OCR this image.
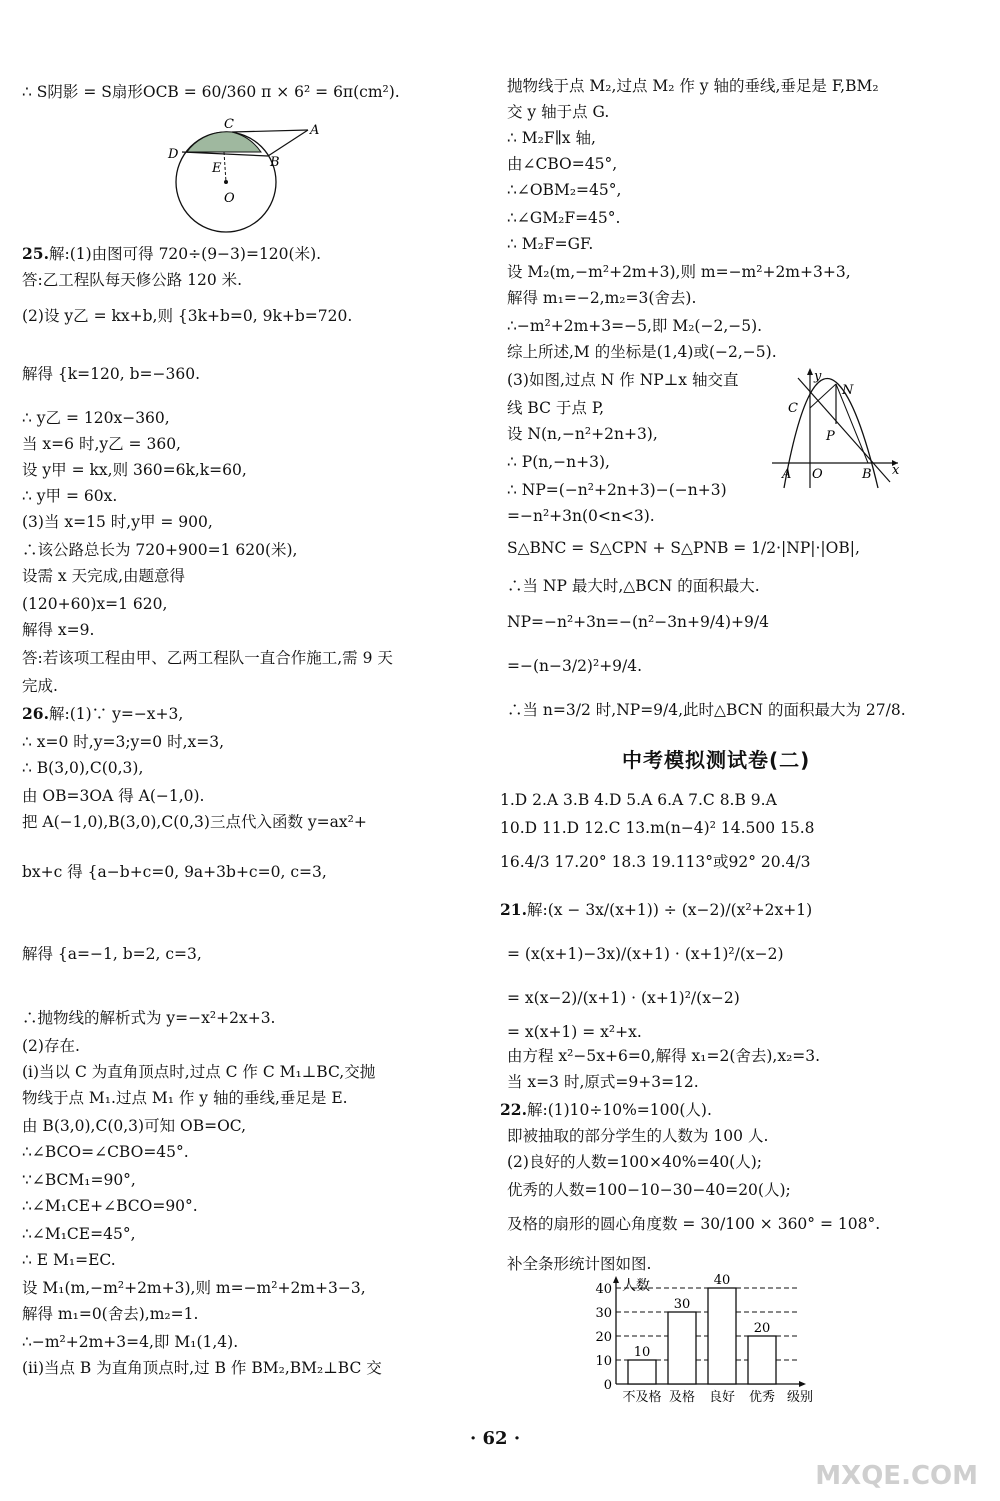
∴ S阴影 = S扇形OCB = 60/360 π × 6² = 6π(cm²).
25.解:(1)由图可得 720÷(9−3)=120(米).
答:乙工程队每天修公路 120 米.
(2)设 y乙 = kx+b,则 {3k+b=0, 9k+b=720.
解得 {k=120, b=−360.
∴ y乙 = 120x−360,
当 x=6 时,y乙 = 360,
设 y甲 = kx,则 360=6k,k=60,
∴ y甲 = 60x.
(3)当 x=15 时,y甲 = 900,
∴该公路总长为 720+900=1 620(米),
设需 x 天完成,由题意得
(120+60)x=1 620,
解得 x=9.
答:若该项工程由甲、乙两工程队一直合作施工,需 9 天
完成.
26.解:(1)∵ y=−x+3,
∴ x=0 时,y=3;y=0 时,x=3,
∴ B(3,0),C(0,3),
由 OB=3OA 得 A(−1,0).
把 A(−1,0),B(3,0),C(0,3)三点代入函数 y=ax²+
bx+c 得 {a−b+c=0, 9a+3b+c=0, c=3,
解得 {a=−1, b=2, c=3,
∴抛物线的解析式为 y=−x²+2x+3.
(2)存在.
(ⅰ)当以 C 为直角顶点时,过点 C 作 C M₁⊥BC,交抛
物线于点 M₁.过点 M₁ 作 y 轴的垂线,垂足是 E.
由 B(3,0),C(0,3)可知 OB=OC,
∴∠BCO=∠CBO=45°.
∵∠BCM₁=90°,
∴∠M₁CE+∠BCO=90°.
∴∠M₁CE=45°,
∴ E M₁=EC.
设 M₁(m,−m²+2m+3),则 m=−m²+2m+3−3,
解得 m₁=0(舍去),m₂=1.
∴−m²+2m+3=4,即 M₁(1,4).
(ⅱ)当点 B 为直角顶点时,过 B 作 BM₂,BM₂⊥BC 交
抛物线于点 M₂,过点 M₂ 作 y 轴的垂线,垂足是 F,BM₂
交 y 轴于点 G.
∴ M₂F∥x 轴,
由∠CBO=45°,
∴∠OBM₂=45°,
∴∠GM₂F=45°.
∴ M₂F=GF.
设 M₂(m,−m²+2m+3),则 m=−m²+2m+3+3,
解得 m₁=−2,m₂=3(舍去).
∴−m²+2m+3=−5,即 M₂(−2,−5).
综上所述,M 的坐标是(1,4)或(−2,−5).
(3)如图,过点 N 作 NP⊥x 轴交直
线 BC 于点 P,
设 N(n,−n²+2n+3),
∴ P(n,−n+3),
∴ NP=(−n²+2n+3)−(−n+3)
=−n²+3n(0<n<3).
S△BNC = S△CPN + S△PNB = 1/2·|NP|·|OB|,
∴当 NP 最大时,△BCN 的面积最大.
NP=−n²+3n=−(n²−3n+9/4)+9/4
=−(n−3/2)²+9/4.
∴当 n=3/2 时,NP=9/4,此时△BCN 的面积最大为 27/8.
1.D 2.A 3.B 4.D 5.A 6.A 7.C 8.B 9.A
10.D 11.D 12.C 13.m(n−4)² 14.500 15.8
16.4/3 17.20° 18.3 19.113°或92° 20.4/3
21.解:(x − 3x/(x+1)) ÷ (x−2)/(x²+2x+1)
= (x(x+1)−3x)/(x+1) · (x+1)²/(x−2)
= x(x−2)/(x+1) · (x+1)²/(x−2)
= x(x+1) = x²+x.
由方程 x²−5x+6=0,解得 x₁=2(舍去),x₂=3.
当 x=3 时,原式=9+3=12.
22.解:(1)10÷10%=100(人).
即被抽取的部分学生的人数为 100 人.
(2)良好的人数=100×40%=40(人);
优秀的人数=100−10−30−40=20(人);
及格的扇形的圆心角度数 = 30/100 × 360° = 108°.
补全条形统计图如图.
中考模拟测试卷(二)
C	A
D
E	B
O
y
N
C
P
A O	B x
0
10
20
30
40 人数
10
不及格
30
及格
40
良好
20
优秀 级别
· 62 ·
MXQE.COM
